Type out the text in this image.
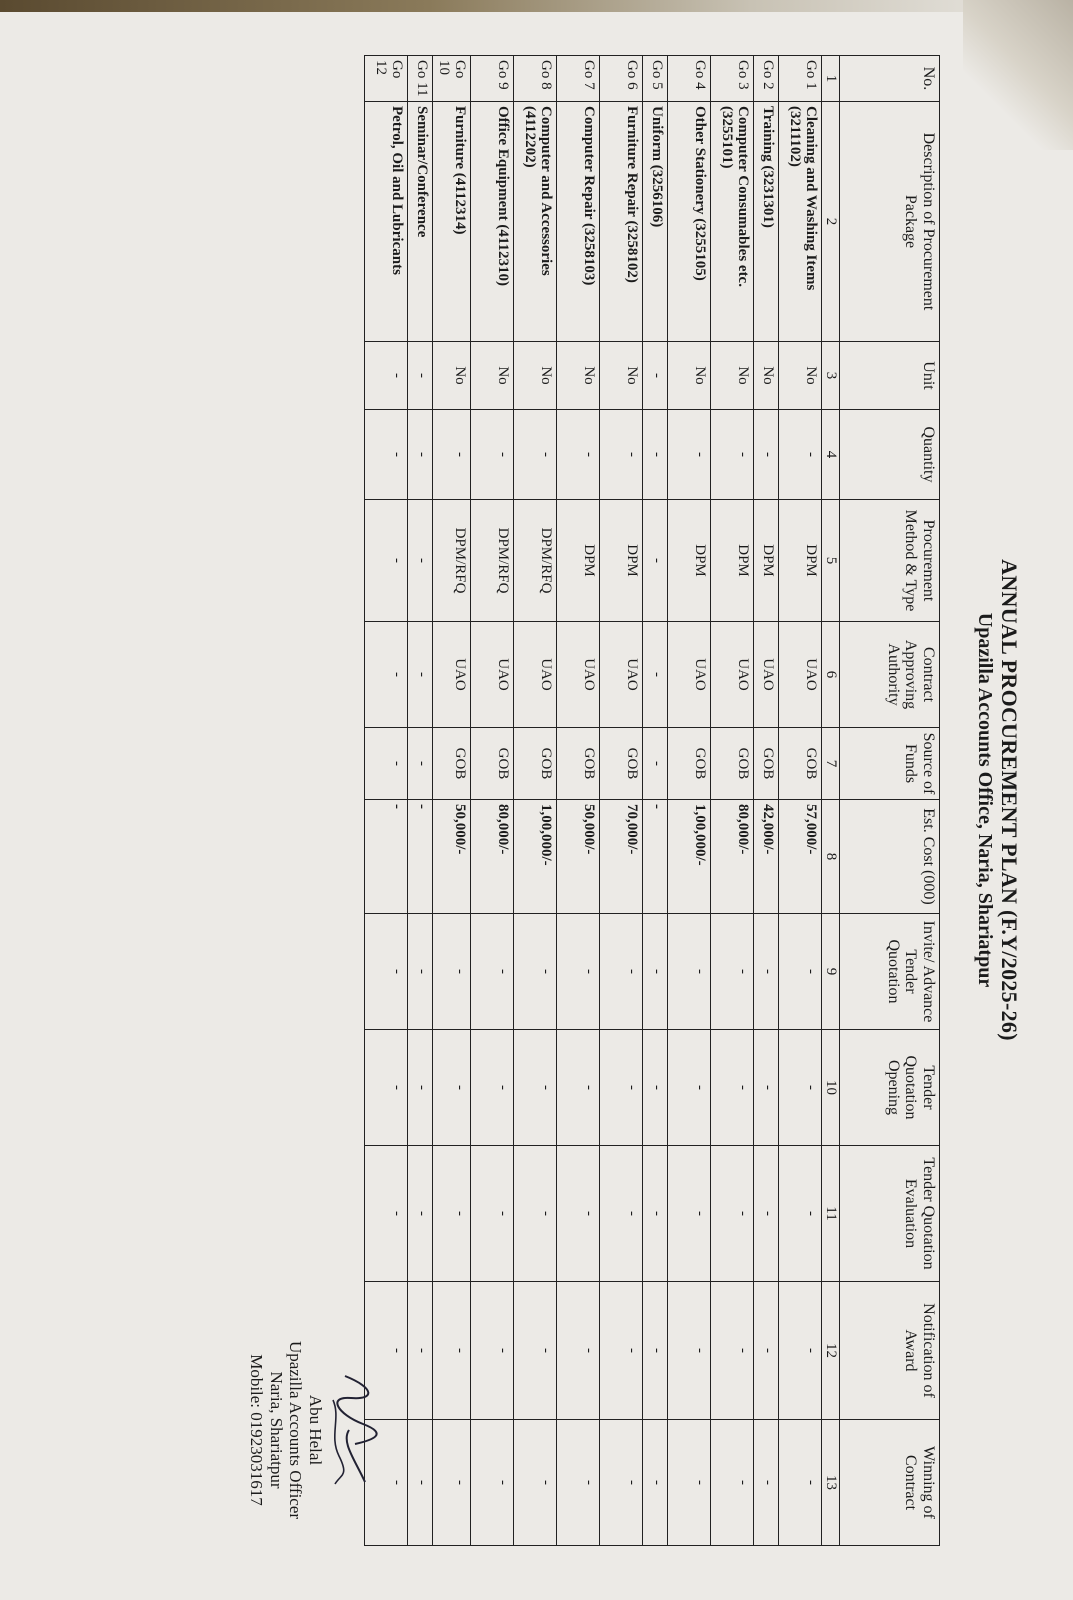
ANNUAL PROCUREMENT PLAN (F.Y/2025-26)
Upazilla Accounts Office, Naria, Shariatpur
No.	Description of Procurement Package	Unit	Quantity	Procurement Method & Type	Contract Approving Authority	Source of Funds	Est. Cost (000)	Invite/ Advance Tender Quotation	Tender Quotation Opening	Tender Quotation Evaluation	Notification of Award	Winning of Contract
1	2	3	4	5	6	7	8	9	10	11	12	13
Go 1	Cleaning and Washing Items (3211102)	No	-	DPM	UAO	GOB	57,000/-	-	-	-	-	-
Go 2	Training (3231301)	No	-	DPM	UAO	GOB	42,000/-	-	-	-	-	-
Go 3	Computer Consumables etc. (3255101)	No	-	DPM	UAO	GOB	80,000/-	-	-	-	-	-
Go 4	Other Stationery (3255105)	No	-	DPM	UAO	GOB	1,00,000/-	-	-	-	-	-
Go 5	Uniform (3256106)	-	-	-	-	-	-	-	-	-	-	-
Go 6	Furniture Repair (3258102)	No	-	DPM	UAO	GOB	70,000/-	-	-	-	-	-
Go 7	Computer Repair (3258103)	No	-	DPM	UAO	GOB	50,000/-	-	-	-	-	-
Go 8	Computer and Accessories (4112202)	No	-	DPM/RFQ	UAO	GOB	1,00,000/-	-	-	-	-	-
Go 9	Office Equipment (4112310)	No	-	DPM/RFQ	UAO	GOB	80,000/-	-	-	-	-	-
Go 10	Furniture (4112314)	No	-	DPM/RFQ	UAO	GOB	50,000/-	-	-	-	-	-
Go 11	Seminar/Conference	-	-	-	-	-	-	-	-	-	-	-
Go 12	Petrol, Oil and Lubricants	-	-	-	-	-	-	-	-	-	-	-
Abu Helal
Upazilla Accounts Officer
Naria, Shariatpur
Mobile: 01923031617
